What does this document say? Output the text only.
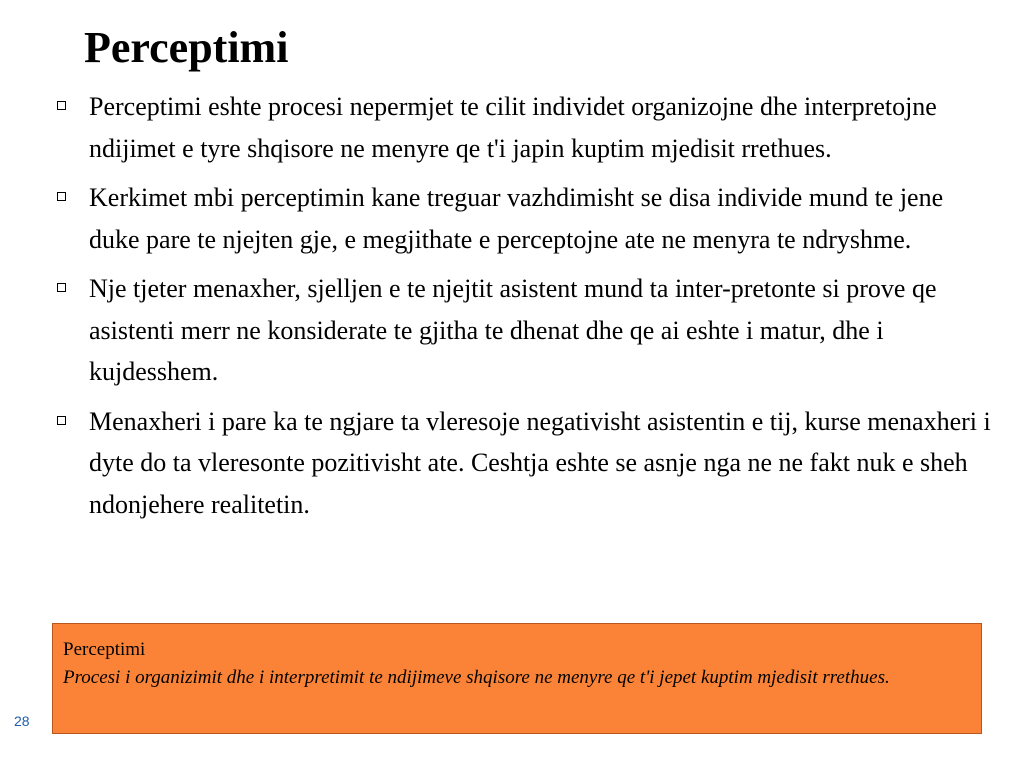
Perceptimi
Perceptimi eshte procesi nepermjet te cilit individet organizojne dhe interpretojne ndijimet e tyre shqisore ne menyre qe t'i japin kuptim mjedisit rrethues.
Kerkimet mbi perceptimin kane treguar vazhdimisht se disa individe mund te jene duke pare te njejten gje, e megjithate e perceptojne ate ne menyra te ndryshme.
Nje tjeter menaxher, sjelljen e te njejtit asistent mund ta inter-pretonte si prove qe asistenti merr ne konsiderate te gjitha te dhenat dhe qe ai eshte i matur, dhe i kujdesshem.
Menaxheri i pare ka te ngjare ta vleresoje negativisht asistentin e tij, kurse menaxheri i dyte do ta vleresonte pozitivisht ate. Ceshtja eshte se asnje nga ne ne fakt nuk e sheh ndonjehere realitetin.
Perceptimi
Procesi i organizimit dhe i interpretimit te ndijimeve shqisore ne menyre qe t'i jepet kuptim mjedisit rrethues.
28
